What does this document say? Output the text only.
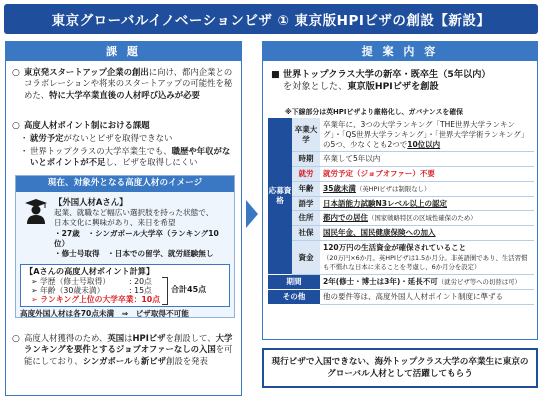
東京グローバルイノベーションビザ ① 東京版HPIビザの創設【新設】
課 題
○ 東京発スタートアップ企業の創出に向け、都内企業とのコラボレーションや将来のスタートアップの可能性を秘めた、特に大学卒業直後の人材呼び込みが必要
○ 高度人材ポイント制における課題
・ 就労予定がないとビザを取得できない
・ 世界トップクラスの大学卒業生でも、職歴や年収がないとポイントが不足し、ビザを取得しにくい
現在、対象外となる高度人材のイメージ
【外国人材Aさん】
起業、就職など幅広い選択肢を持った状態で、
日本文化に興味があり、来日を希望
・27歳　・シンガポール大学卒（ランキング10位）
・修士号取得　・日本での留学、就労経験無し
【Aさんの高度人材ポイント計算】
➢ 学歴（修士号取得） : 20点
➢ 年齢（30歳未満）	: 15点
➢ ランキング上位の大学卒業：10点
合計45点
高度外国人材は各70点未満　⇒　ビザ取得不可能
○ 高度人材獲得のため、英国はHPIビザを創設して、大学ランキングを要件とするジョブオファーなしの入国を可能にしており、シンガポールも新ビザ創設を発表
提 案 内 容
■ 世界トップクラス大学の新卒・既卒生（5年以内）
を対象とした、東京版HPIビザを創設
※下線部分は英HPIビザより厳格化し、ガバナンスを確保
応募資格	卒業大学	卒業年に、3つの大学ランキング「THE世界大学ランキング」・「QS世界大学ランキング」・「世界大学学術ランキング」の5つ、少なくとも2つで10位以内
	時期	卒業して5年以内
	就労	就労予定（ジョブオファー）不要
	年齢	35歳未満（英HPIビザは制限なし）
	語学	日本語能力試験N3レベル以上の認定
	住所	都内での居住（国家戦略特区の区域性確保のため）
	社保	国民年金、国民健康保険への加入
	資金	120万円の生活資金が確保されていること
（20万円×6か月。英HPIビザは1.5か月分。非英語圏であり、生活習慣も不慣れな日本に来ることを考慮し、6か月分を設定）
期間		2年(修士・博士は3年)・延長不可（就労ビザ等への切替は可）
その他		他の要件等は、高度外国人人材ポイント制度に準ずる
現行ビザで入国できない、海外トップクラス大学の卒業生に東京のグローバル人材として活躍してもらう
